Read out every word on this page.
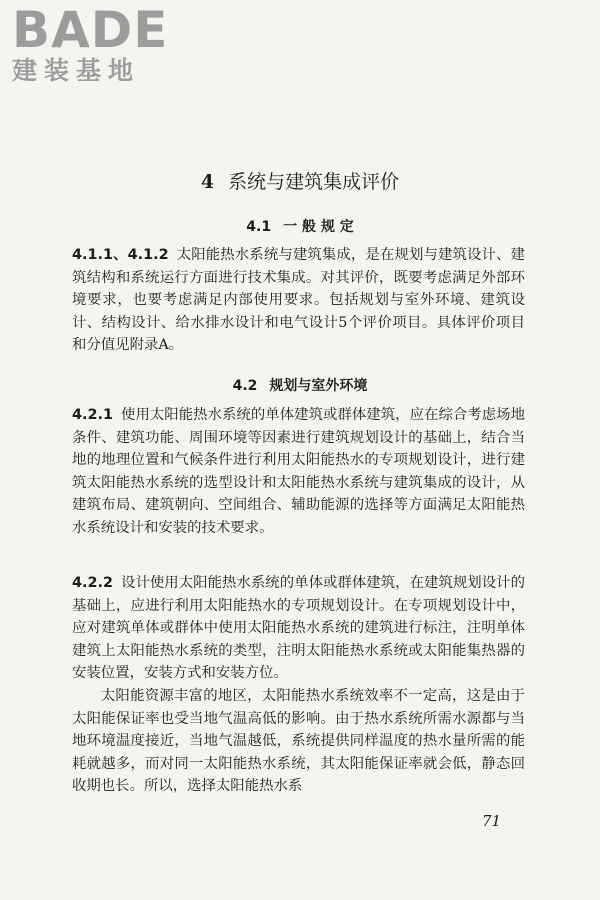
BADE
建装基地
4 系统与建筑集成评价
4.1 一 般 规 定
4.1.1、4.1.2 太阳能热水系统与建筑集成，是在规划与建筑设计、建筑结构和系统运行方面进行技术集成。对其评价，既要考虑满足外部环境要求，也要考虑满足内部使用要求。包括规划与室外环境、建筑设计、结构设计、给水排水设计和电气设计5个评价项目。具体评价项目和分值见附录A。
4.2 规划与室外环境
4.2.1 使用太阳能热水系统的单体建筑或群体建筑，应在综合考虑场地条件、建筑功能、周围环境等因素进行建筑规划设计的基础上，结合当地的地理位置和气候条件进行利用太阳能热水的专项规划设计，进行建筑太阳能热水系统的选型设计和太阳能热水系统与建筑集成的设计，从建筑布局、建筑朝向、空间组合、辅助能源的选择等方面满足太阳能热水系统设计和安装的技术要求。
4.2.2 设计使用太阳能热水系统的单体或群体建筑，在建筑规划设计的基础上，应进行利用太阳能热水的专项规划设计。在专项规划设计中，应对建筑单体或群体中使用太阳能热水系统的建筑进行标注，注明单体建筑上太阳能热水系统的类型，注明太阳能热水系统或太阳能集热器的安装位置，安装方式和安装方位。
太阳能资源丰富的地区，太阳能热水系统效率不一定高，这是由于太阳能保证率也受当地气温高低的影响。由于热水系统所需水源都与当地环境温度接近，当地气温越低，系统提供同样温度的热水量所需的能耗就越多，而对同一太阳能热水系统，其太阳能保证率就会低，静态回收期也长。所以，选择太阳能热水系
71
